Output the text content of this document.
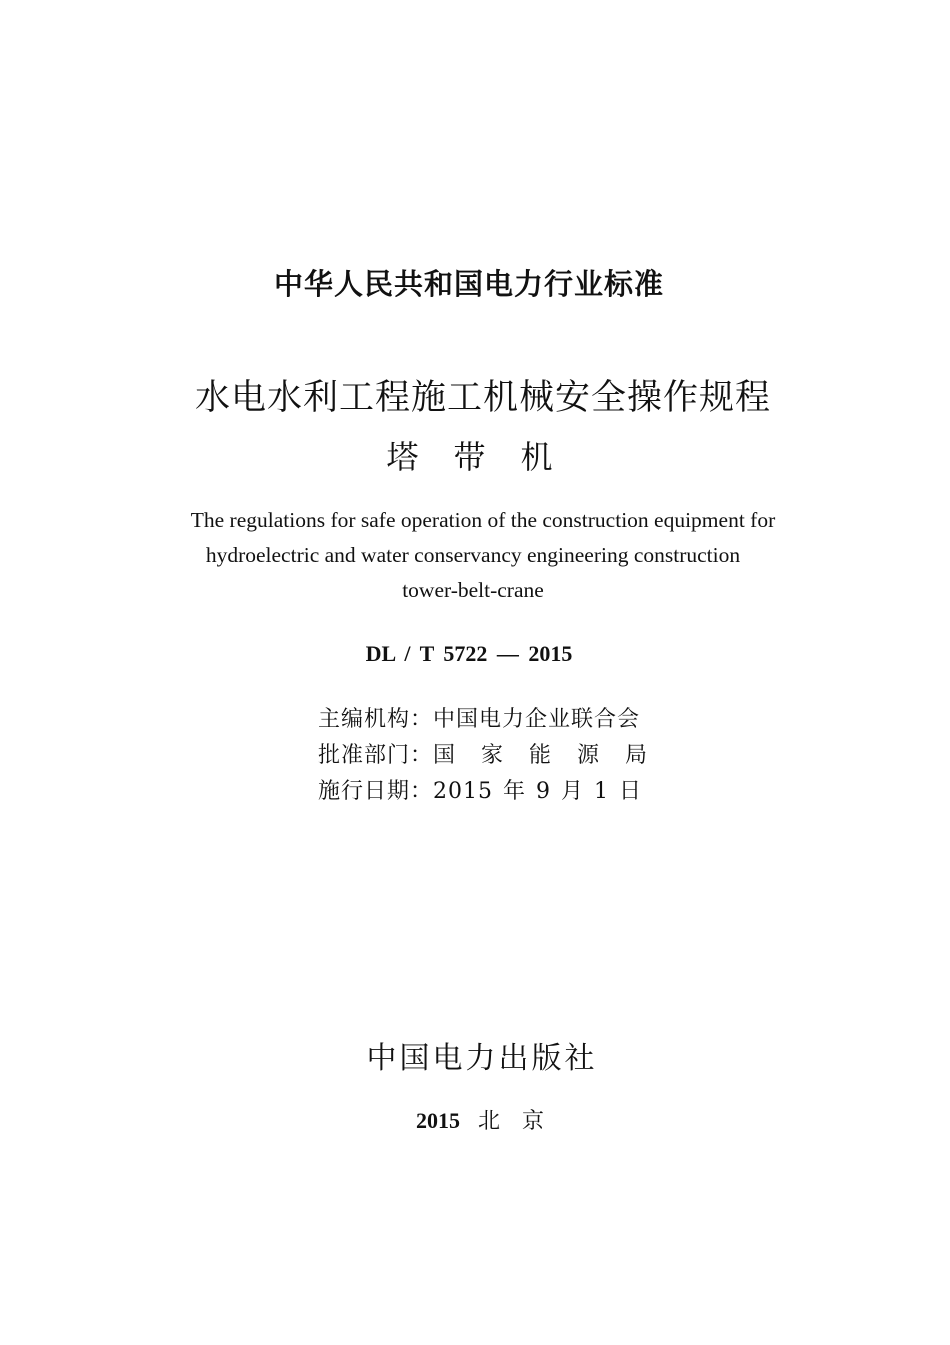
中华人民共和国电力行业标准
水电水利工程施工机械安全操作规程
塔 带 机
The regulations for safe operation of the construction equipment for
hydroelectric and water conservancy engineering construction
tower-belt-crane
DL / T 5722 — 2015
主编机构：中国电力企业联合会
批准部门：国 家 能 源 局
施行日期：2015 年 9 月 1 日
中国电力出版社
2015 北 京
